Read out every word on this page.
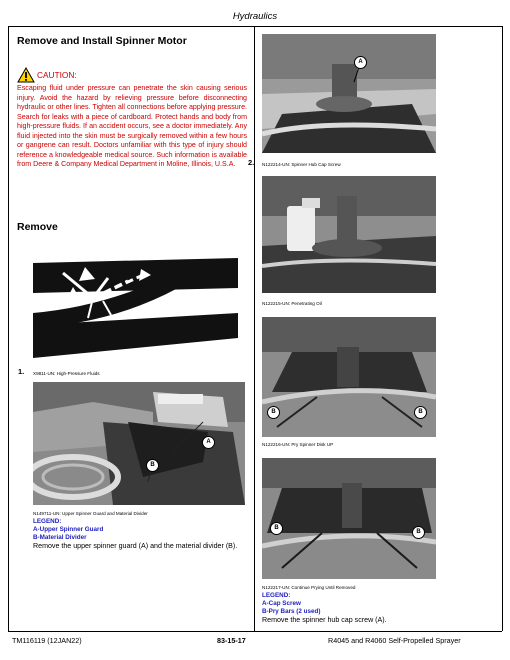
Hydraulics
Remove and Install Spinner Motor
CAUTION:
Escaping fluid under pressure can penetrate the skin causing serious injury. Avoid the hazard by relieving pressure before disconnecting hydraulic or other lines. Tighten all connections before applying pressure. Search for leaks with a piece of cardboard. Protect hands and body from high-pressure fluids. If an accident occurs, see a doctor immediately. Any fluid injected into the skin must be surgically removed within a few hours or gangrene can result. Doctors unfamiliar with this type of injury should reference a knowledgeable medical source. Such information is available from Deere & Company Medical Department in Moline, Illinois, U.S.A.
Remove
1. X9811-UN: High-Pressure Fluids
A
B
N149711-UN: Upper Spinner Guard and Material Divider
LEGEND:
A-Upper Spinner Guard
B-Material Divider
Remove the upper spinner guard (A) and the material divider (B).
A
2. N122214-UN: Spinner Hub Cap Screw
N122215-UN: Penetrating Oil
B	B
N122216-UN: Pry Spinner Disk UP
B
B
N122217-UN: Continue Prying Until Removed
LEGEND:
A-Cap Screw
B-Pry Bars (2 used)
Remove the spinner hub cap screw (A).
TM116119 (12JAN22)	83-15-17	R4045 and R4060 Self-Propelled Sprayer
